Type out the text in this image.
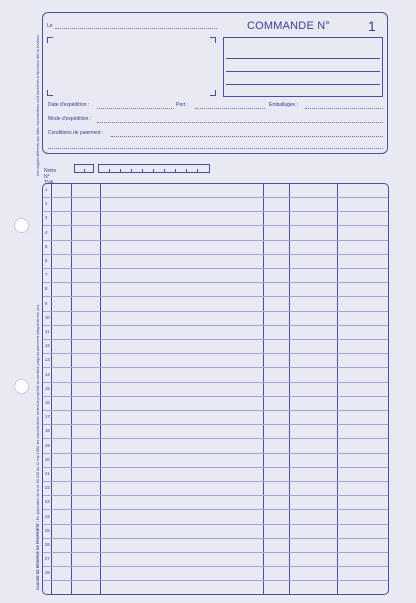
Les risques afférents aux dites marchandises sont transférés à l'acheteur dès la livraison.
CLAUSE DE RÉSERVE DE PROPRIÉTÉ : En application de la loi 80-335 du 12 mai 1980, les marchandises restent la propriété du vendeur jusqu'au paiement intégral de leur prix.
Le	COMMANDE N°	1
Date d'expédition :	Port :	Emballages :
Mode d'expédition :
Conditions de paiement :
Notre N°
1
2
3
4
5
6
7
8
9
10
11
12
13
14
15
16
17
18
19
20
21
22
23
24
25
26
27
28
